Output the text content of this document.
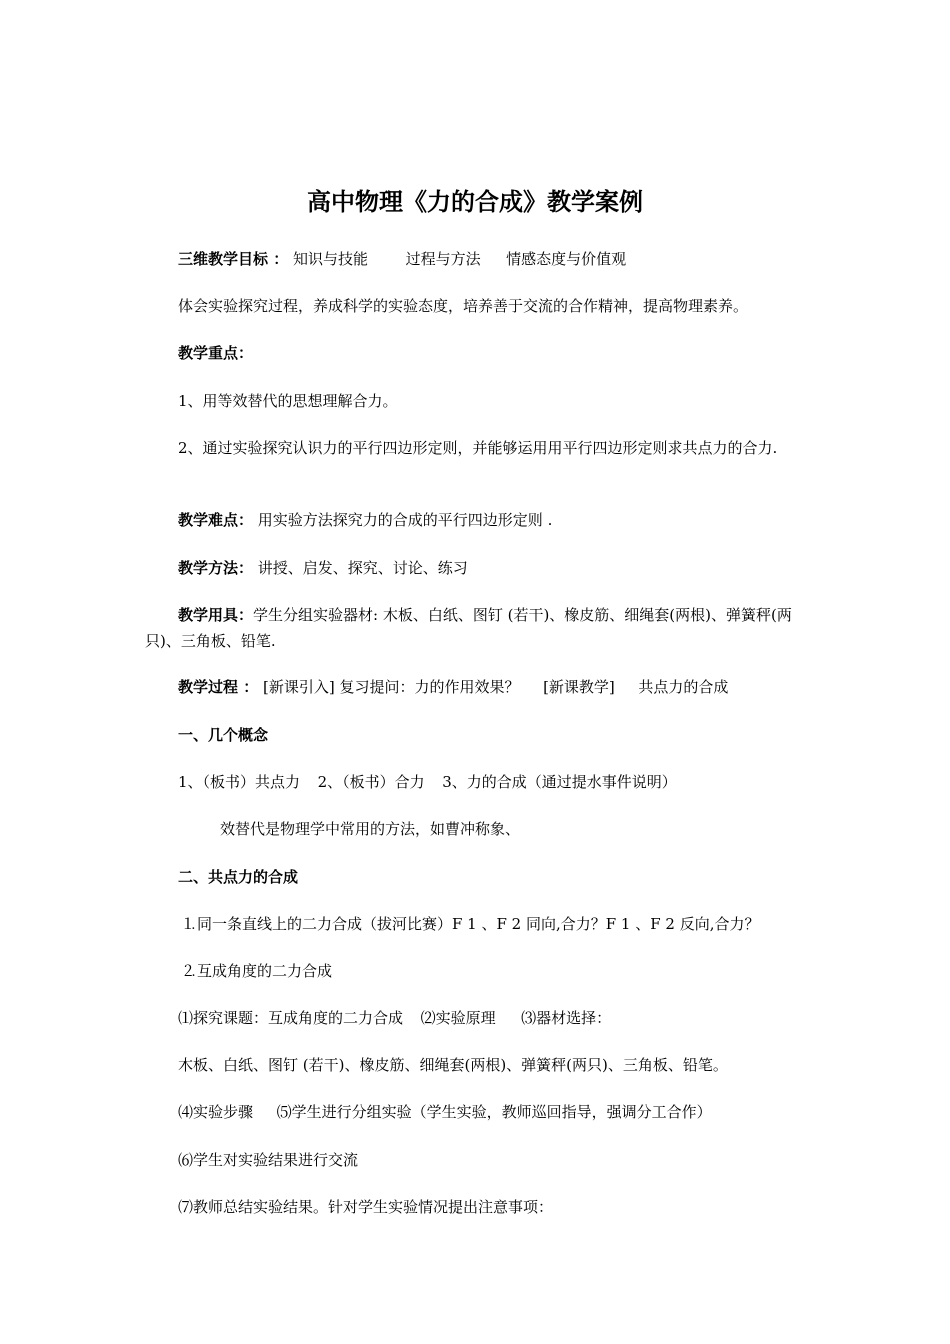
高中物理《力的合成》教学案例
三维教学目标 ： 知识与技能	过程与方法 情感态度与价值观
体会实验探究过程，养成科学的实验态度，培养善于交流的合作精神，提高物理素养。
教学重点：
1、用等效替代的思想理解合力。
2、通过实验探究认识力的平行四边形定则，并能够运用用平行四边形定则求共点力的合力.
教学难点： 用实验方法探究力的合成的平行四边形定则 .
教学方法： 讲授、启发、探究、讨论、练习
教学用具：学生分组实验器材: 木板、白纸、图钉 (若干)、橡皮筋、细绳套(两根)、弹簧秤(两只)、三角板、铅笔.
教学过程 ： [新课引入] 复习提问：力的作用效果？ [新课教学] 共点力的合成
一、几个概念
1、（板书）共点力 2、（板书）合力 3、力的合成（通过提水事件说明）
效替代是物理学中常用的方法，如曹冲称象、
二、共点力的合成
⒈同一条直线上的二力合成（拔河比赛）F 1 、F 2 同向,合力？F 1 、F 2 反向,合力？
⒉互成角度的二力合成
⑴探究课题：互成角度的二力合成 ⑵实验原理 ⑶器材选择：
木板、白纸、图钉 (若干)、橡皮筋、细绳套(两根)、弹簧秤(两只)、三角板、铅笔。
⑷实验步骤 ⑸学生进行分组实验（学生实验，教师巡回指导，强调分工合作）
⑹学生对实验结果进行交流
⑺教师总结实验结果。针对学生实验情况提出注意事项：
